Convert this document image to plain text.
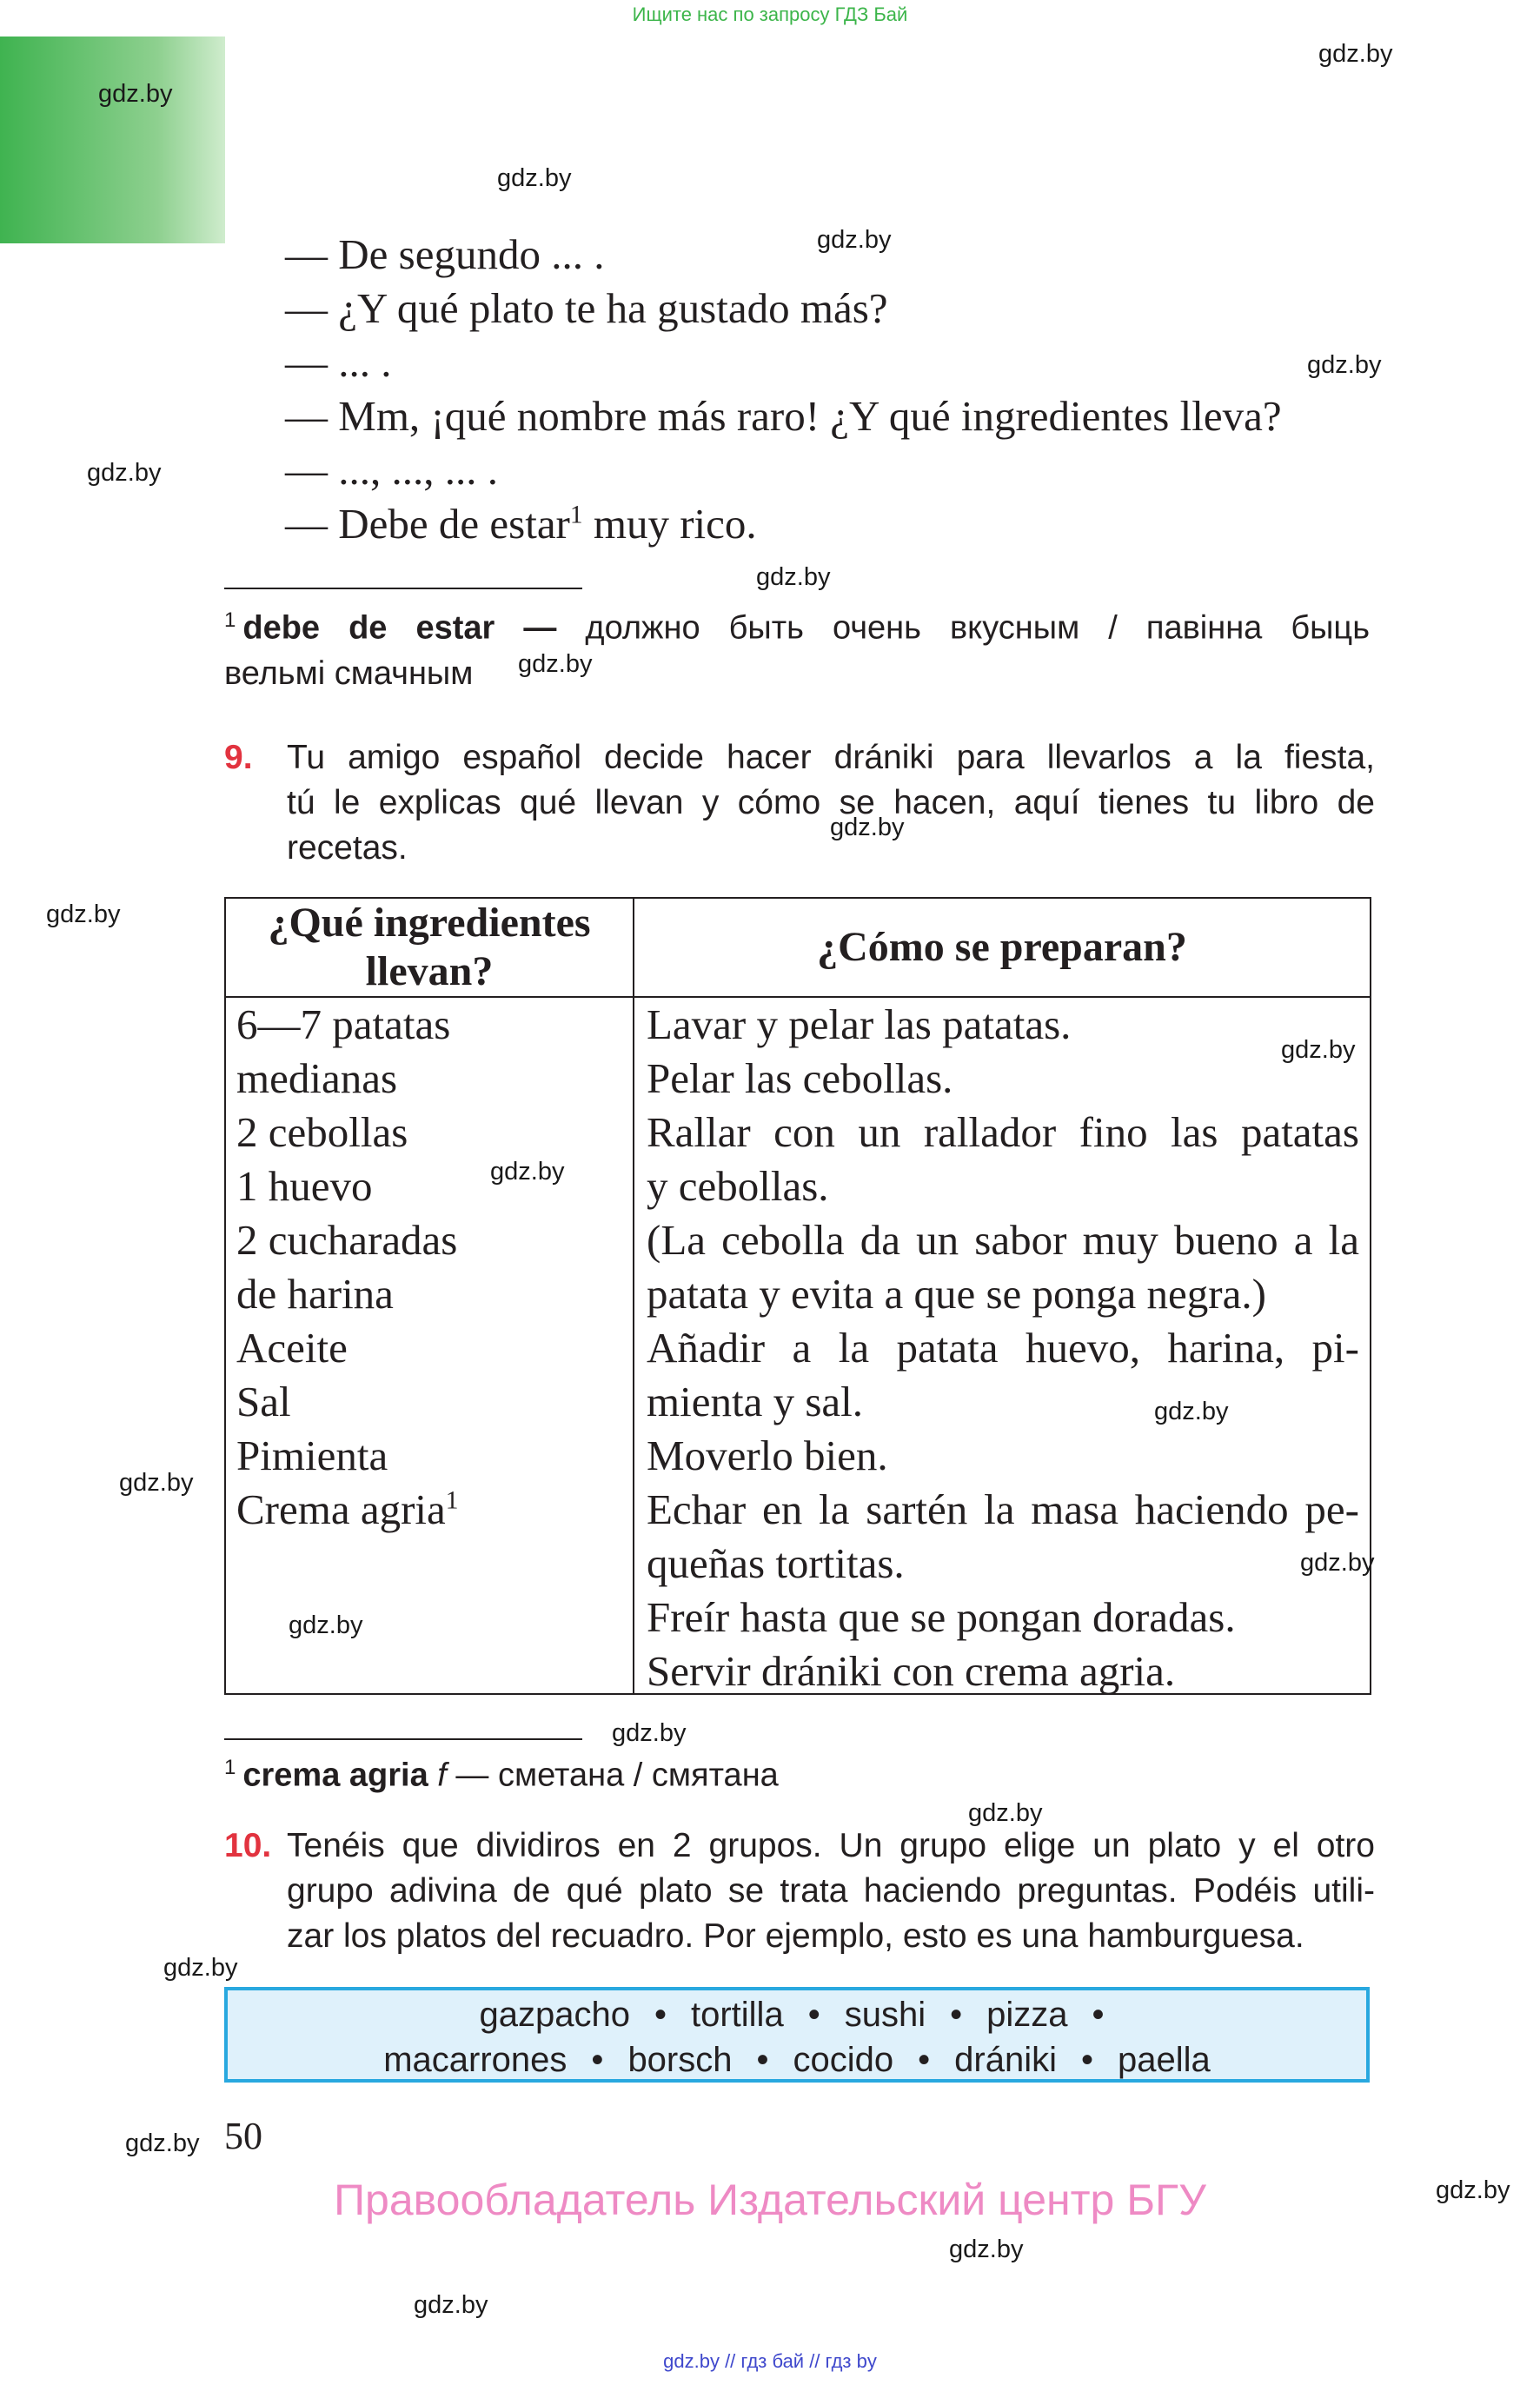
Ищите нас по запросу ГДЗ Бай
gdz.by
gdz.by
gdz.by
gdz.by
gdz.by
gdz.by
gdz.by
gdz.by
gdz.by
gdz.by
gdz.by
gdz.by
gdz.by
gdz.by
gdz.by
gdz.by
gdz.by
gdz.by
gdz.by
gdz.by
gdz.by
gdz.by
gdz.by
— De segundo ... .
— ¿Y qué plato te ha gustado más?
— ... .
— Mm, ¡qué nombre más raro! ¿Y qué ingredientes lleva?
— ..., ..., ... .
— Debe de estar$^1$ muy rico.
$^1$ debe de estar — должно быть очень вкусным / павінна быць
вельмі смачным
9. Tu amigo español decide hacer drániki para llevarlos a la fiesta,
tú le explicas qué llevan y cómo se hacen, aquí tienes tu libro de
recetas.
¿Qué ingredientes
llevan?
¿Cómo se preparan?
6—7 patatas
medianas
2 cebollas
1 huevo
2 cucharadas
de harina
Aceite
Sal
Pimienta
Crema agria$^1$
Lavar y pelar las patatas.
Pelar las cebollas.
Rallar con un rallador fino las patatas
y cebollas.
(La cebolla da un sabor muy bueno a la
patata y evita a que se ponga negra.)
Añadir a la patata huevo, harina, pi-
mienta y sal.
Moverlo bien.
Echar en la sartén la masa haciendo pe-
queñas tortitas.
Freír hasta que se pongan doradas.
Servir drániki con crema agria.
$^1$ crema agria f — сметана / смятана
10. Tenéis que dividiros en 2 grupos. Un grupo elige un plato y el otro
grupo adivina de qué plato se trata haciendo preguntas. Podéis utili-
zar los platos del recuadro. Por ejemplo, esto es una hamburguesa.
gazpacho • tortilla • sushi • pizza •
macarrones • borsch • cocido • drániki • paella
50
Правообладатель Издательский центр БГУ
gdz.by // гдз бай // гдз by
